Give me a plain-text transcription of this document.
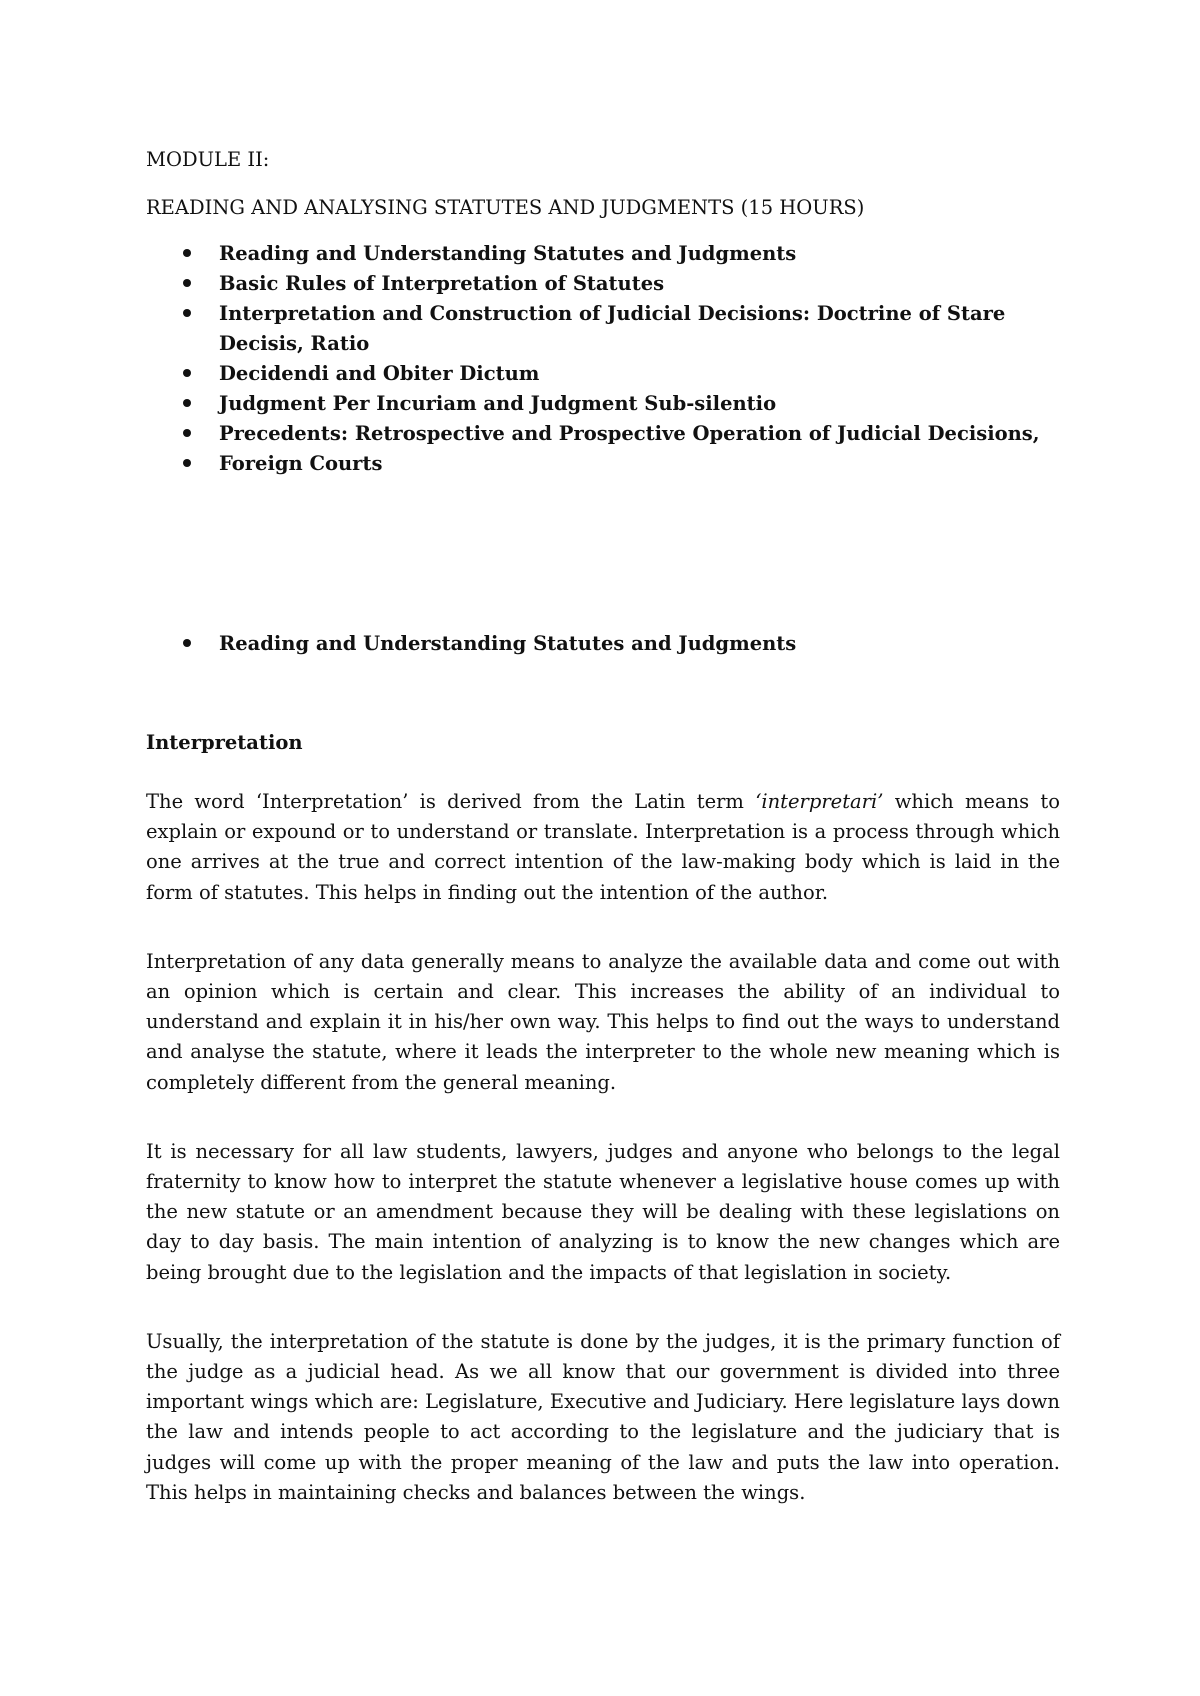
MODULE II:
READING AND ANALYSING STATUTES AND JUDGMENTS (15 HOURS)
Reading and Understanding Statutes and Judgments
Basic Rules of Interpretation of Statutes
Interpretation and Construction of Judicial Decisions: Doctrine of Stare Decisis, Ratio
Decidendi and Obiter Dictum
Judgment Per Incuriam and Judgment Sub-silentio
Precedents: Retrospective and Prospective Operation of Judicial Decisions,
Foreign Courts
Reading and Understanding Statutes and Judgments
Interpretation

The word ‘Interpretation’ is derived from the Latin term ‘interpretari’ which means to explain or expound or to understand or translate. Interpretation is a process through which one arrives at the true and correct intention of the law-making body which is laid in the form of statutes. This helps in finding out the intention of the author.

Interpretation of any data generally means to analyze the available data and come out with an opinion which is certain and clear. This increases the ability of an individual to understand and explain it in his/her own way. This helps to find out the ways to understand and analyse the statute, where it leads the interpreter to the whole new meaning which is completely different from the general meaning.

It is necessary for all law students, lawyers, judges and anyone who belongs to the legal fraternity to know how to interpret the statute whenever a legislative house comes up with the new statute or an amendment because they will be dealing with these legislations on day to day basis. The main intention of analyzing is to know the new changes which are being brought due to the legislation and the impacts of that legislation in society.

Usually, the interpretation of the statute is done by the judges, it is the primary function of the judge as a judicial head. As we all know that our government is divided into three important wings which are: Legislature, Executive and Judiciary. Here legislature lays down the law and intends people to act according to the legislature and the judiciary that is judges will come up with the proper meaning of the law and puts the law into operation. This helps in maintaining checks and balances between the wings.
